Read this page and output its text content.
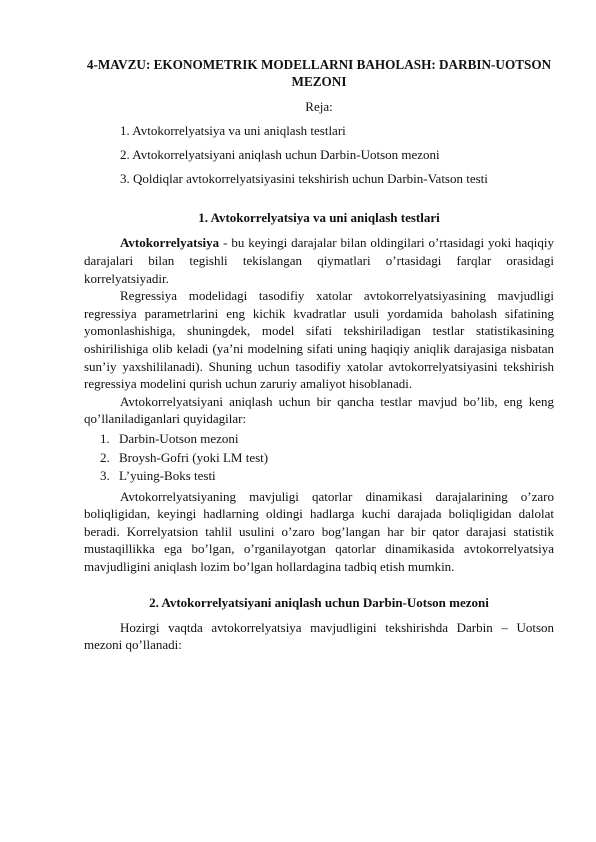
4-MAVZU: EKONOMETRIK MODELLARNI BAHOLASH: DARBIN-UOTSON MEZONI
Reja:
1. Avtokorrelyatsiya va uni aniqlash testlari
2. Avtokorrelyatsiyani aniqlash uchun Darbin-Uotson mezoni
3. Qoldiqlar avtokorrelyatsiyasini tekshirish uchun Darbin-Vatson testi
1. Avtokorrelyatsiya va uni aniqlash testlari

Avtokorrelyatsiya - bu keyingi darajalar bilan oldingilari o’rtasidagi yoki haqiqiy darajalari bilan tegishli tekislangan qiymatlari o’rtasidagi farqlar orasidagi korrelyatsiyadir.

Regressiya modelidagi tasodifiy xatolar avtokorrelyatsiyasining mavjudligi regressiya parametrlarini eng kichik kvadratlar usuli yordamida baholash sifatining yomonlashishiga, shuningdek, model sifati tekshiriladigan testlar statistikasining oshirilishiga olib keladi (ya’ni modelning sifati uning haqiqiy aniqlik darajasiga nisbatan sun’iy yaxshililanadi). Shuning uchun tasodifiy xatolar avtokorrelyatsiyasini tekshirish regressiya modelini qurish uchun zaruriy amaliyot hisoblanadi.

Avtokorrelyatsiyani aniqlash uchun bir qancha testlar mavjud bo’lib, eng keng qo’llaniladiganlari quyidagilar:

1. Darbin-Uotson mezoni
2. Broysh-Gofri (yoki LM test)
3. L’yuing-Boks testi

Avtokorrelyatsiyaning mavjuligi qatorlar dinamikasi darajalarining o’zaro boliqligidan, keyingi hadlarning oldingi hadlarga kuchi darajada boliqligidan dalolat beradi. Korrelyatsion tahlil usulini o’zaro bog’langan har bir qator darajasi statistik mustaqillikka ega bo’lgan, o’rganilayotgan qatorlar dinamikasida avtokorrelyatsiya mavjudligini aniqlash lozim bo’lgan hollardagina tadbiq etish mumkin.

2. Avtokorrelyatsiyani aniqlash uchun Darbin-Uotson mezoni

Hozirgi vaqtda avtokorrelyatsiya mavjudligini tekshirishda Darbin – Uotson mezoni qo’llanadi:
